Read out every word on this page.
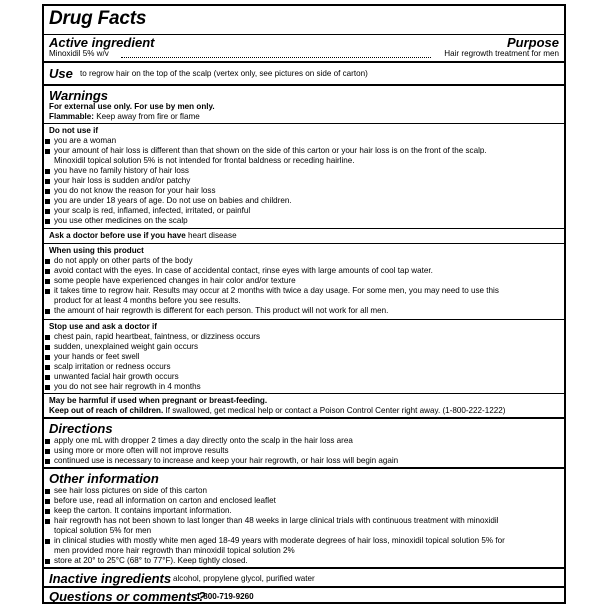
Drug Facts
Active ingredient	Purpose
Minoxidil 5% w/v	Hair regrowth treatment for men
Use to regrow hair on the top of the scalp (vertex only, see pictures on side of carton)
Warnings
For external use only. For use by men only.
Flammable: Keep away from fire or flame
Do not use if
you are a woman
your amount of hair loss is different than that shown on the side of this carton or your hair loss is on the front of the scalp.
Minoxidil topical solution 5% is not intended for frontal baldness or receding hairline.
you have no family history of hair loss
your hair loss is sudden and/or patchy
you do not know the reason for your hair loss
you are under 18 years of age. Do not use on babies and children.
your scalp is red, inflamed, infected, irritated, or painful
you use other medicines on the scalp
Ask a doctor before use if you have heart disease
When using this product
do not apply on other parts of the body
avoid contact with the eyes. In case of accidental contact, rinse eyes with large amounts of cool tap water.
some people have experienced changes in hair color and/or texture
it takes time to regrow hair. Results may occur at 2 months with twice a day usage. For some men, you may need to use this
product for at least 4 months before you see results.
the amount of hair regrowth is different for each person. This product will not work for all men.
Stop use and ask a doctor if
chest pain, rapid heartbeat, faintness, or dizziness occurs
sudden, unexplained weight gain occurs
your hands or feet swell
scalp irritation or redness occurs
unwanted facial hair growth occurs
you do not see hair regrowth in 4 months
May be harmful if used when pregnant or breast-feeding.
Keep out of reach of children. If swallowed, get medical help or contact a Poison Control Center right away. (1-800-222-1222)
Directions
apply one mL with dropper 2 times a day directly onto the scalp in the hair loss area
using more or more often will not improve results
continued use is necessary to increase and keep your hair regrowth, or hair loss will begin again
Other information
see hair loss pictures on side of this carton
before use, read all information on carton and enclosed leaflet
keep the carton. It contains important information.
hair regrowth has not been shown to last longer than 48 weeks in large clinical trials with continuous treatment with minoxidil
topical solution 5% for men
in clinical studies with mostly white men aged 18-49 years with moderate degrees of hair loss, minoxidil topical solution 5% for
men provided more hair regrowth than minoxidil topical solution 2%
store at 20° to 25°C (68° to 77°F). Keep tightly closed.
Inactive ingredients alcohol, propylene glycol, purified water
Questions or comments?
1-800-719-9260
